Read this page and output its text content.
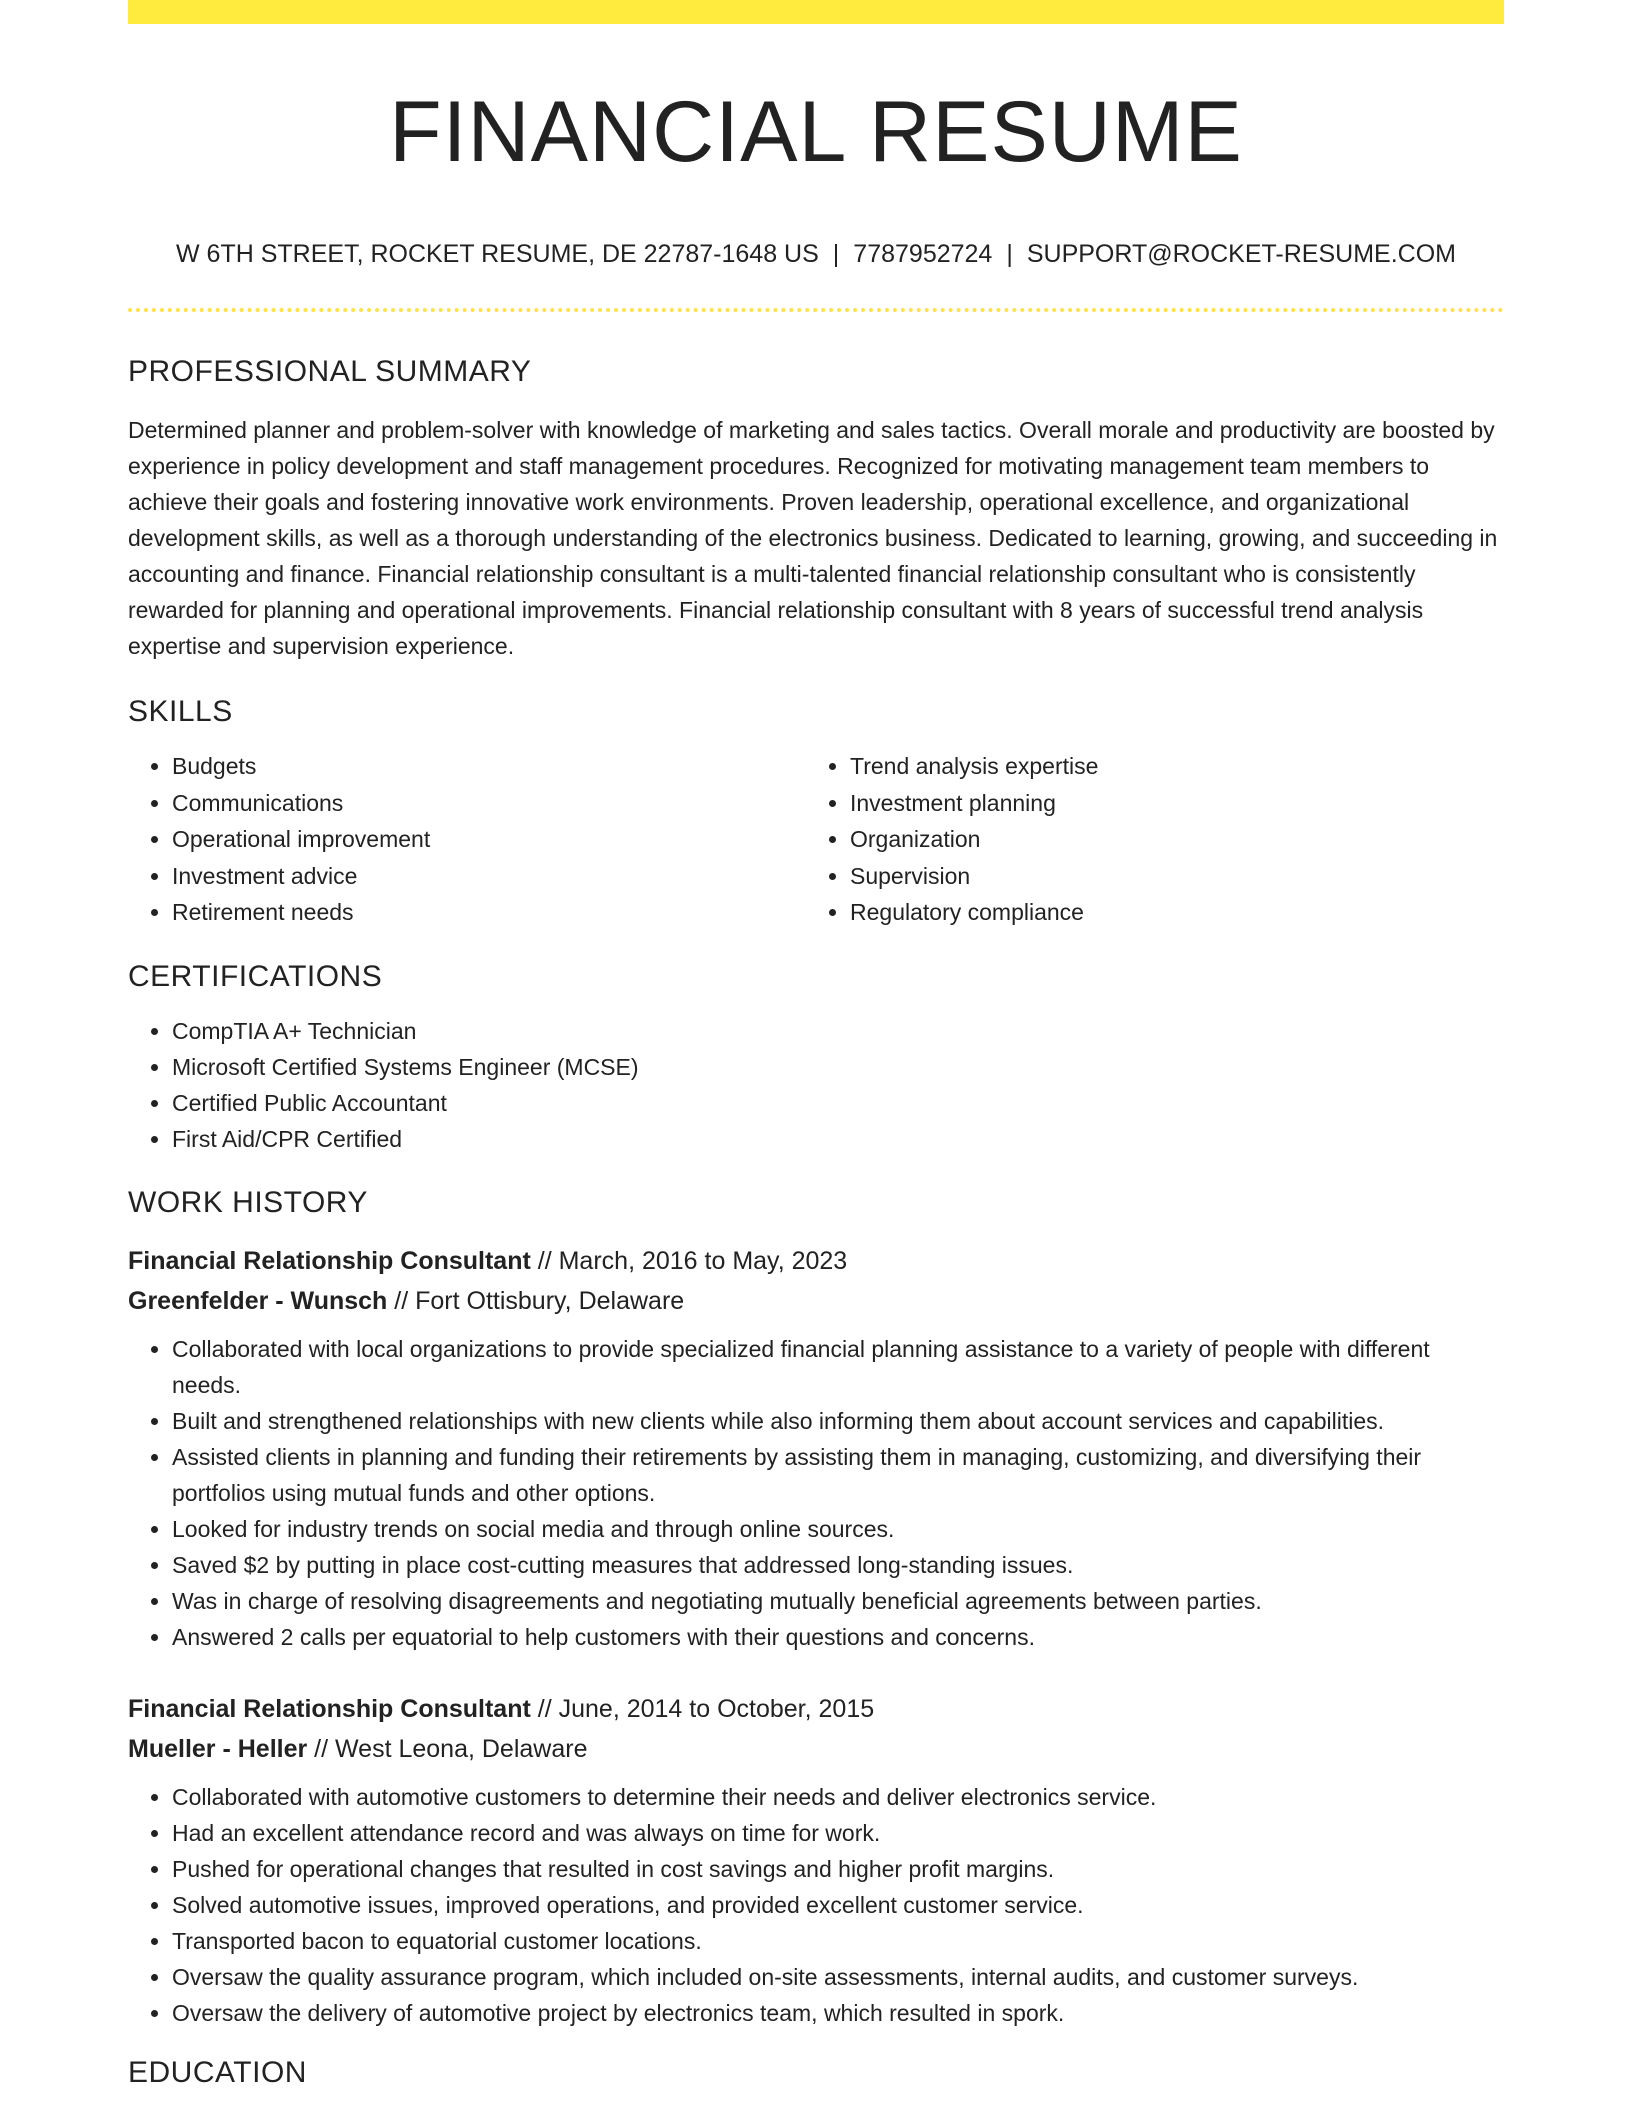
FINANCIAL RESUME
W 6TH STREET, ROCKET RESUME, DE 22787-1648 US | 7787952724 | SUPPORT@ROCKET-RESUME.COM
PROFESSIONAL SUMMARY

Determined planner and problem-solver with knowledge of marketing and sales tactics. Overall morale and productivity are boosted by experience in policy development and staff management procedures. Recognized for motivating management team members to achieve their goals and fostering innovative work environments. Proven leadership, operational excellence, and organizational development skills, as well as a thorough understanding of the electronics business. Dedicated to learning, growing, and succeeding in accounting and finance. Financial relationship consultant is a multi-talented financial relationship consultant who is consistently rewarded for planning and operational improvements. Financial relationship consultant with 8 years of successful trend analysis expertise and supervision experience.

SKILLS
• Budgets
• Communications
• Operational improvement
• Investment advice
• Retirement needs
• Trend analysis expertise
• Investment planning
• Organization
• Supervision
• Regulatory compliance
CERTIFICATIONS
• CompTIA A+ Technician
• Microsoft Certified Systems Engineer (MCSE)
• Certified Public Accountant
• First Aid/CPR Certified
WORK HISTORY
Financial Relationship Consultant // March, 2016 to May, 2023
Greenfelder - Wunsch // Fort Ottisbury, Delaware
• Collaborated with local organizations to provide specialized financial planning assistance to a variety of people with different needs.
• Built and strengthened relationships with new clients while also informing them about account services and capabilities.
• Assisted clients in planning and funding their retirements by assisting them in managing, customizing, and diversifying their portfolios using mutual funds and other options.
• Looked for industry trends on social media and through online sources.
• Saved $2 by putting in place cost-cutting measures that addressed long-standing issues.
• Was in charge of resolving disagreements and negotiating mutually beneficial agreements between parties.
• Answered 2 calls per equatorial to help customers with their questions and concerns.
Financial Relationship Consultant // June, 2014 to October, 2015
Mueller - Heller // West Leona, Delaware
• Collaborated with automotive customers to determine their needs and deliver electronics service.
• Had an excellent attendance record and was always on time for work.
• Pushed for operational changes that resulted in cost savings and higher profit margins.
• Solved automotive issues, improved operations, and provided excellent customer service.
• Transported bacon to equatorial customer locations.
• Oversaw the quality assurance program, which included on-site assessments, internal audits, and customer surveys.
• Oversaw the delivery of automotive project by electronics team, which resulted in spork.
EDUCATION
